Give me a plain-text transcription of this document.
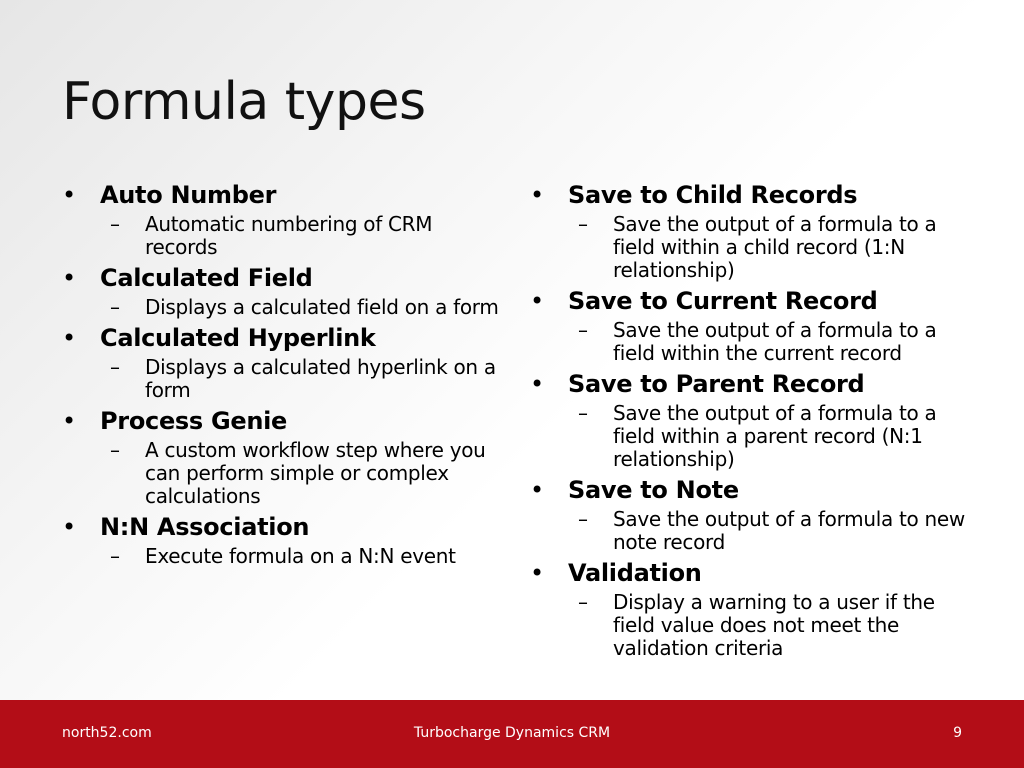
Formula types
•	Auto Number
–	Automatic numbering of CRM records
•	Calculated Field
–	Displays a calculated field on a form
•	Calculated Hyperlink
–	Displays a calculated hyperlink on a form
•	Process Genie
–	A custom workflow step where you can perform simple or complex calculations
•	N:N Association
–	Execute formula on a N:N event
•	Save to Child Records
–	Save the output of a formula to a field within a child record (1:N relationship)
•	Save to Current Record
–	Save the output of a formula to a field within the current record
•	Save to Parent Record
–	Save the output of a formula to a field within a parent record (N:1 relationship)
•	Save to Note
–	Save the output of a formula to new note record
•	Validation
–	Display a warning to a user if the field value does not meet the validation criteria
Turbocharge Dynamics CRM
north52.com	9
